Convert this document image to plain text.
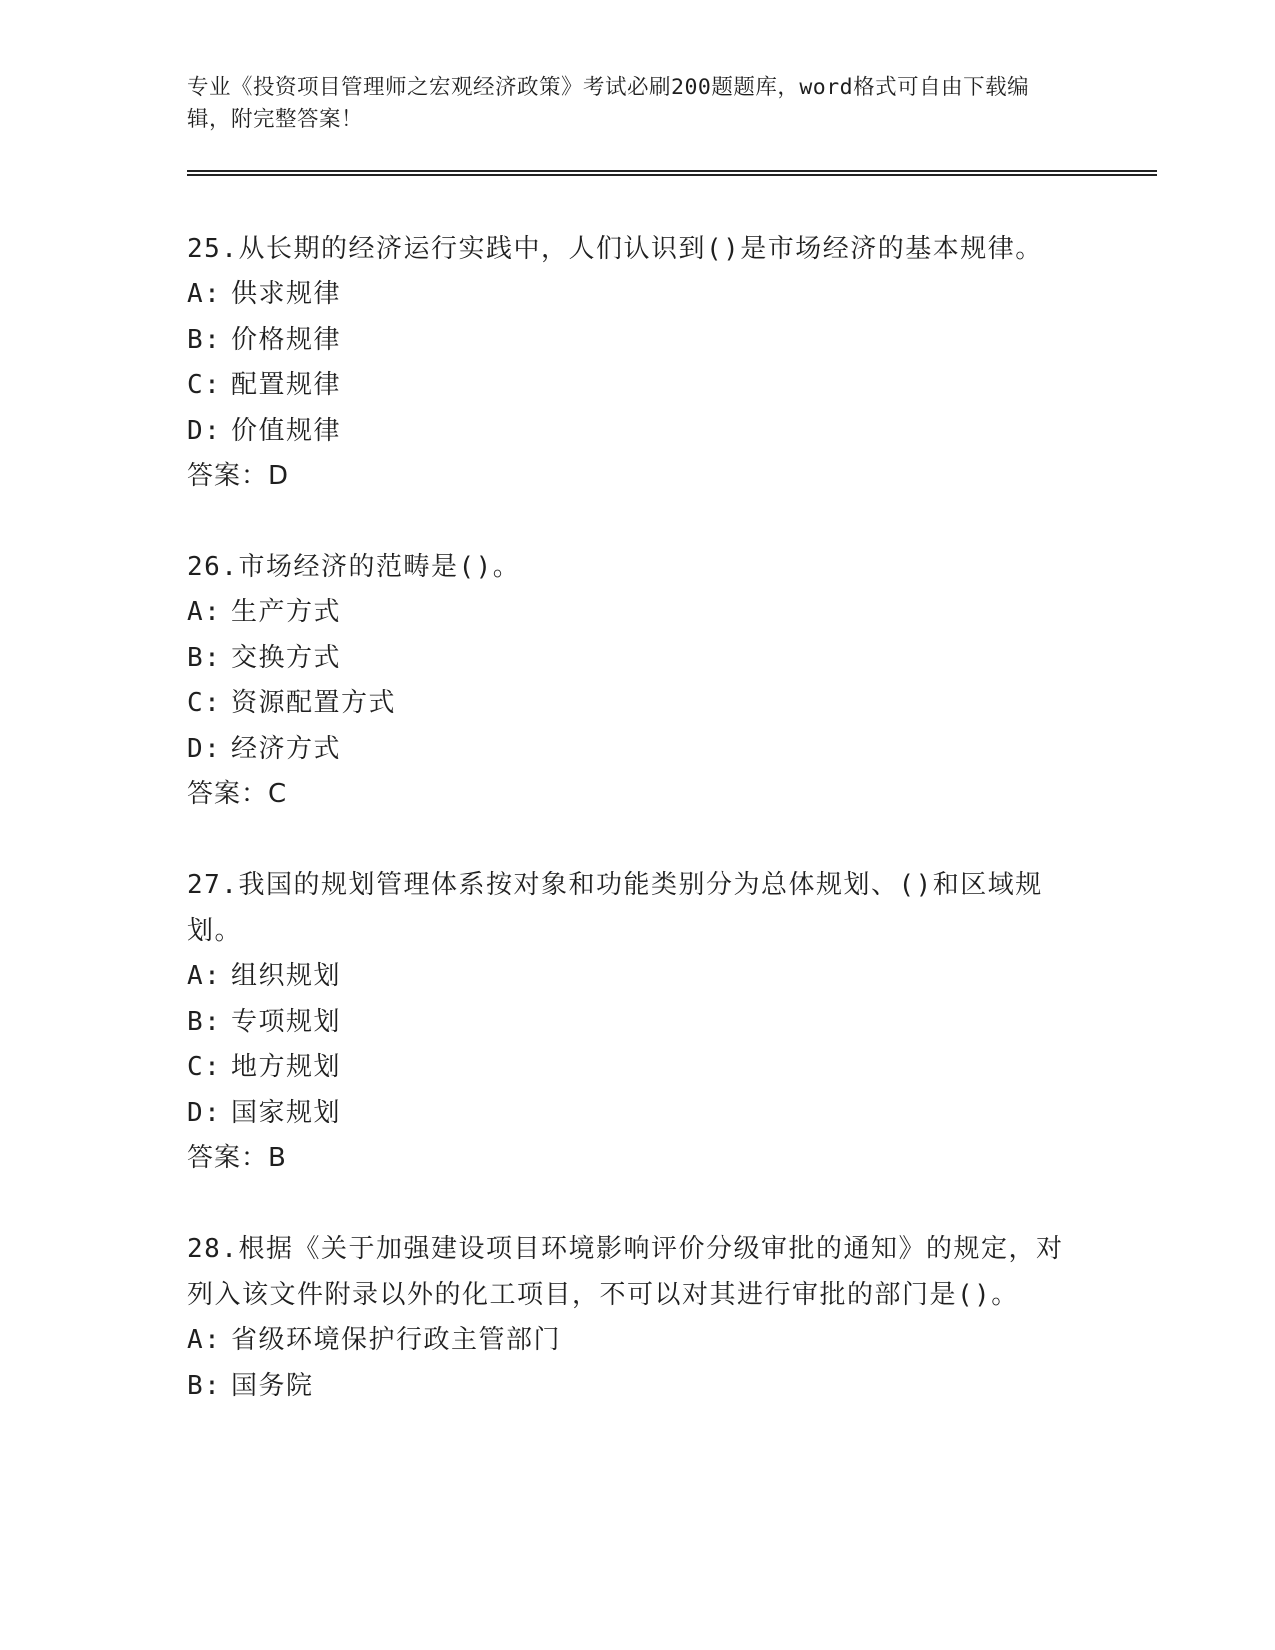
专业《投资项目管理师之宏观经济政策》考试必刷200题题库，word格式可自由下载编辑，附完整答案！

25.从长期的经济运行实践中，人们认识到()是市场经济的基本规律。

A: 供求规律

B: 价格规律

C: 配置规律

D: 价值规律

答案：D

26.市场经济的范畴是()。

A: 生产方式

B: 交换方式

C: 资源配置方式

D: 经济方式

答案：C

27.我国的规划管理体系按对象和功能类别分为总体规划、()和区域规划。

A: 组织规划

B: 专项规划

C: 地方规划

D: 国家规划

答案：B

28.根据《关于加强建设项目环境影响评价分级审批的通知》的规定，对列入该文件附录以外的化工项目，不可以对其进行审批的部门是()。

A: 省级环境保护行政主管部门

B: 国务院
